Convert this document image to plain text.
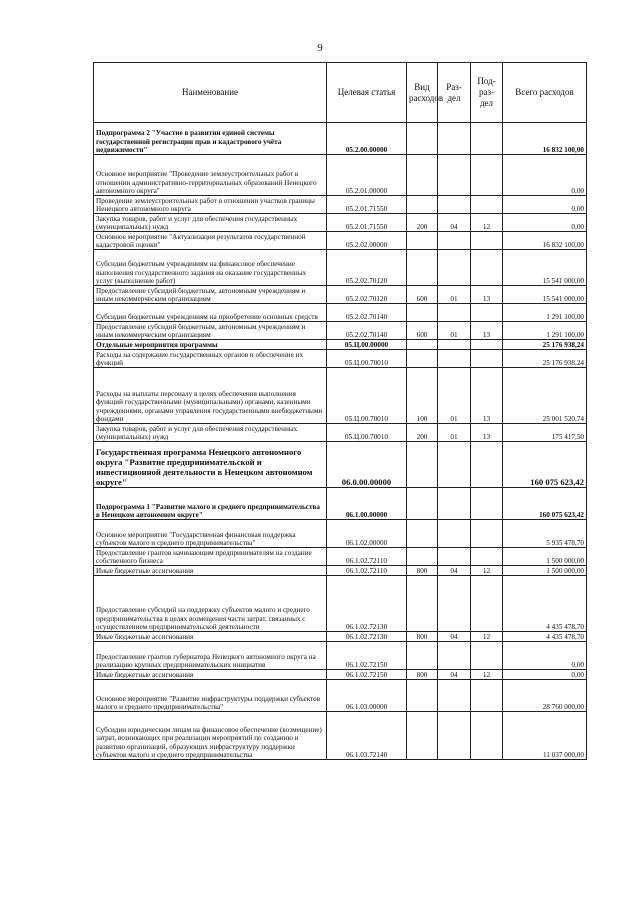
9
Наименование	Целевая статья	Вид расходов	Раз-дел	Под-раз-дел	Всего расходов
Подпрограмма 2 "Участие в развитии единой системы государственной регистрации прав и кадастрового учёта недвижимости"	05.2.00.00000				16 832 100,00
Основное мероприятие "Проведение землеустроительных работ в отношении административно-территориальных образований Ненецкого автономного округа"	05.2.01.00000				0,00
Проведение землеустроительных работ в отношении участков границы Ненецкого автономного округа	05.2.01.71550				0,00
Закупка товаров, работ и услуг для обеспечения государственных (муниципальных) нужд	05.2.01.71550	200	04	12	0,00
Основное мероприятие "Актуализация результатов государственной кадастровой оценки"	05.2.02.00000				16 832 100,00
Субсидии бюджетным учреждениям на финансовое обеспечение выполнения государственного задания на оказание государственных услуг (выполнение работ)	05.2.02.70120				15 541 000,00
Предоставление субсидий бюджетным, автономным учреждениям и иным некоммерческим организациям	05.2.02.70120	600	01	13	15 541 000,00
Субсидии бюджетным учреждениям на приобретение основных средств	05.2.02.70140				1 291 100,00
Предоставление субсидий бюджетным, автономным учреждениям и иным некоммерческим организациям	05.2.02.70140	600	01	13	1 291 100,00
Отдельные мероприятия программы	05.Ц.00.00000				25 176 938,24
Расходы на содержание государственных органов и обеспечение их функций	05.Ц.00.70010				25 176 938,24
Расходы на выплаты персоналу в целях обеспечения выполнения функций государственными (муниципальными) органами, казенными учреждениями, органами управления государственными внебюджетными фондами	05.Ц.00.70010	100	01	13	25 001 520,74
Закупка товаров, работ и услуг для обеспечения государственных (муниципальных) нужд	05.Ц.00.70010	200	01	13	175 417,50
Государственная программа Ненецкого автономного округа "Развитие предпринимательской и инвестиционной деятельности в Ненецком автономном округе"	06.0.00.00000				160 075 623,42
Подпрограмма 1 "Развитие малого и среднего предпринимательства в Ненецком автономном округе"	06.1.00.00000				160 075 623,42
Основное мероприятие "Государственная финансовая поддержка субъектов малого и среднего предпринимательства"	06.1.02.00000				5 935 478,70
Предоставление грантов начинающим предпринимателям на создание собственного бизнеса	06.1.02.72110				1 500 000,00
Иные бюджетные ассигнования	06.1.02.72110	800	04	12	1 500 000,00
Предоставление субсидий на поддержку субъектов малого и среднего предпринимательства в целях возмещения части затрат, связанных с осуществлением предпринимательской деятельности	06.1.02.72130				4 435 478,70
Иные бюджетные ассигнования	06.1.02.72130	800	04	12	4 435 478,70
Предоставление грантов губернатора Ненецкого автономного округа на реализацию крупных предпринимательских инициатив	06.1.02.72150				0,00
Иные бюджетные ассигнования	06.1.02.72150	800	04	12	0,00
Основное мероприятие "Развитие инфраструктуры поддержки субъектов малого и среднего предпринимательства"	06.1.03.00000				28 760 000,00
Субсидии юридическим лицам на финансовое обеспечение (возмещение) затрат, возникающих при реализации мероприятий по созданию и развитию организаций, образующих инфраструктуру поддержки субъектов малого и среднего предпринимательства	06.1.03.72140				11 037 000,00
